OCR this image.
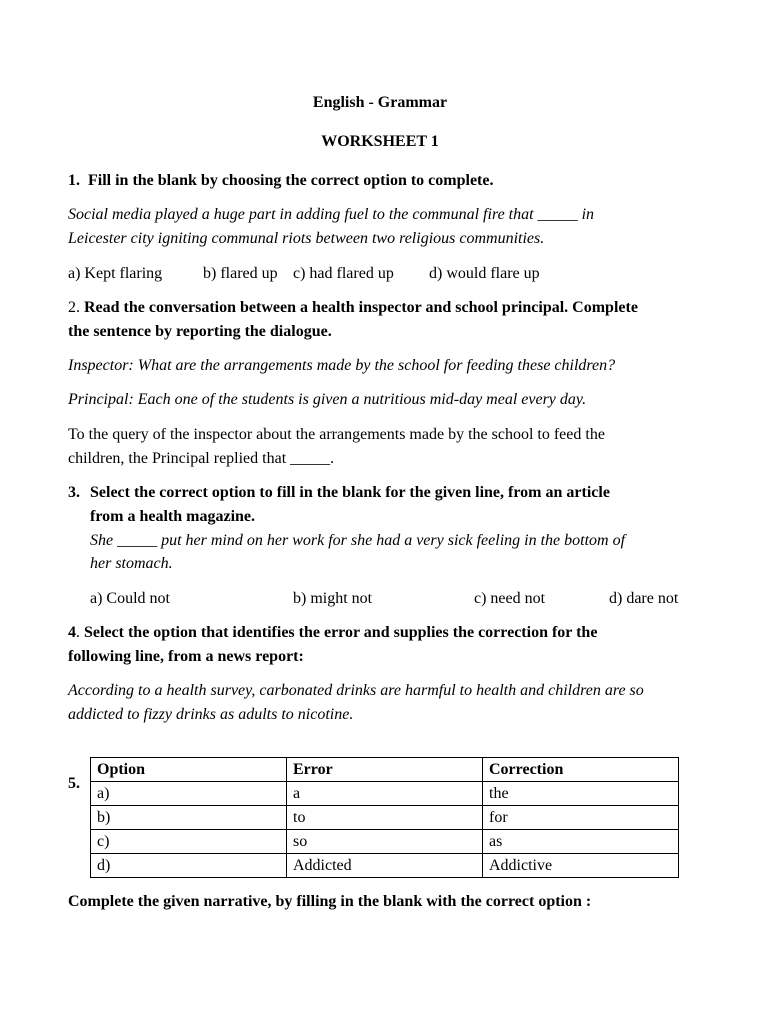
English - Grammar
WORKSHEET 1
1. Fill in the blank by choosing the correct option to complete.
Social media played a huge part in adding fuel to the communal fire that _____ in
Leicester city igniting communal riots between two religious communities.
a) Kept flaring	b) flared up c) had flared up d) would flare up
2. Read the conversation between a health inspector and school principal. Complete
the sentence by reporting the dialogue.
Inspector: What are the arrangements made by the school for feeding these children?
Principal: Each one of the students is given a nutritious mid-day meal every day.
To the query of the inspector about the arrangements made by the school to feed the
children, the Principal replied that _____.
3. Select the correct option to fill in the blank for the given line, from an article
from a health magazine.
She _____ put her mind on her work for she had a very sick feeling in the bottom of
her stomach.
a) Could not	b) might not	c) need not	d) dare not
4. Select the option that identifies the error and supplies the correction for the
following line, from a news report:
According to a health survey, carbonated drinks are harmful to health and children are so
addicted to fizzy drinks as adults to nicotine.
5.
Option	Error	Correction
a)	a	the
b)	to	for
c)	so	as
d)	Addicted	Addictive
Complete the given narrative, by filling in the blank with the correct option :
